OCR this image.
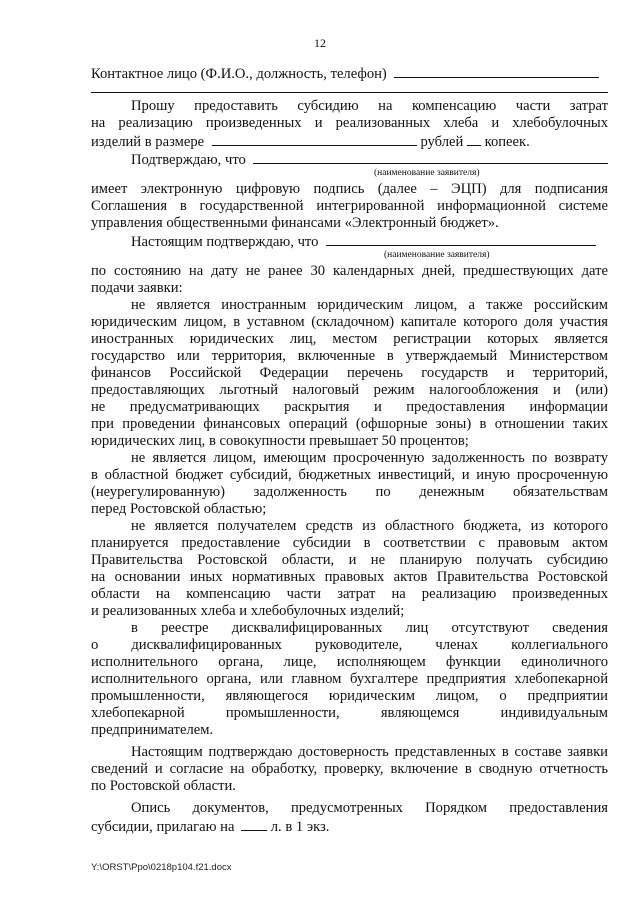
12
Контактное лицо (Ф.И.О., должность, телефон)
Прошу предоставить субсидию на компенсацию части затрат
на реализацию произведенных и реализованных хлеба и хлебобулочных
изделий в размере	рублей копеек.
Подтверждаю, что
(наименование заявителя)
имеет электронную цифровую подпись (далее – ЭЦП) для подписания
Соглашения в государственной интегрированной информационной системе
управления общественными финансами «Электронный бюджет».
Настоящим подтверждаю, что
(наименование заявителя)
по состоянию на дату не ранее 30 календарных дней, предшествующих дате
подачи заявки:
не является иностранным юридическим лицом, а также российским
юридическим лицом, в уставном (складочном) капитале которого доля участия
иностранных юридических лиц, местом регистрации которых является
государство или территория, включенные в утверждаемый Министерством
финансов Российской Федерации перечень государств и территорий,
предоставляющих льготный налоговый режим налогообложения и (или)
не предусматривающих раскрытия и предоставления информации
при проведении финансовых операций (офшорные зоны) в отношении таких
юридических лиц, в совокупности превышает 50 процентов;
не является лицом, имеющим просроченную задолженность по возврату
в областной бюджет субсидий, бюджетных инвестиций, и иную просроченную
(неурегулированную) задолженность по денежным обязательствам
перед Ростовской областью;
не является получателем средств из областного бюджета, из которого
планируется предоставление субсидии в соответствии с правовым актом
Правительства Ростовской области, и не планирую получать субсидию
на основании иных нормативных правовых актов Правительства Ростовской
области на компенсацию части затрат на реализацию произведенных
и реализованных хлеба и хлебобулочных изделий;
в реестре дисквалифицированных лиц отсутствуют сведения
о дисквалифицированных руководителе, членах коллегиального
исполнительного органа, лице, исполняющем функции единоличного
исполнительного органа, или главном бухгалтере предприятия хлебопекарной
промышленности, являющегося юридическим лицом, о предприятии
хлебопекарной промышленности, являющемся индивидуальным
предпринимателем.
Настоящим подтверждаю достоверность представленных в составе заявки
сведений и согласие на обработку, проверку, включение в сводную отчетность
по Ростовской области.
Опись документов, предусмотренных Порядком предоставления
субсидии, прилагаю на л. в 1 экз.
Y:\ORST\Ppo\0218p104.f21.docx
